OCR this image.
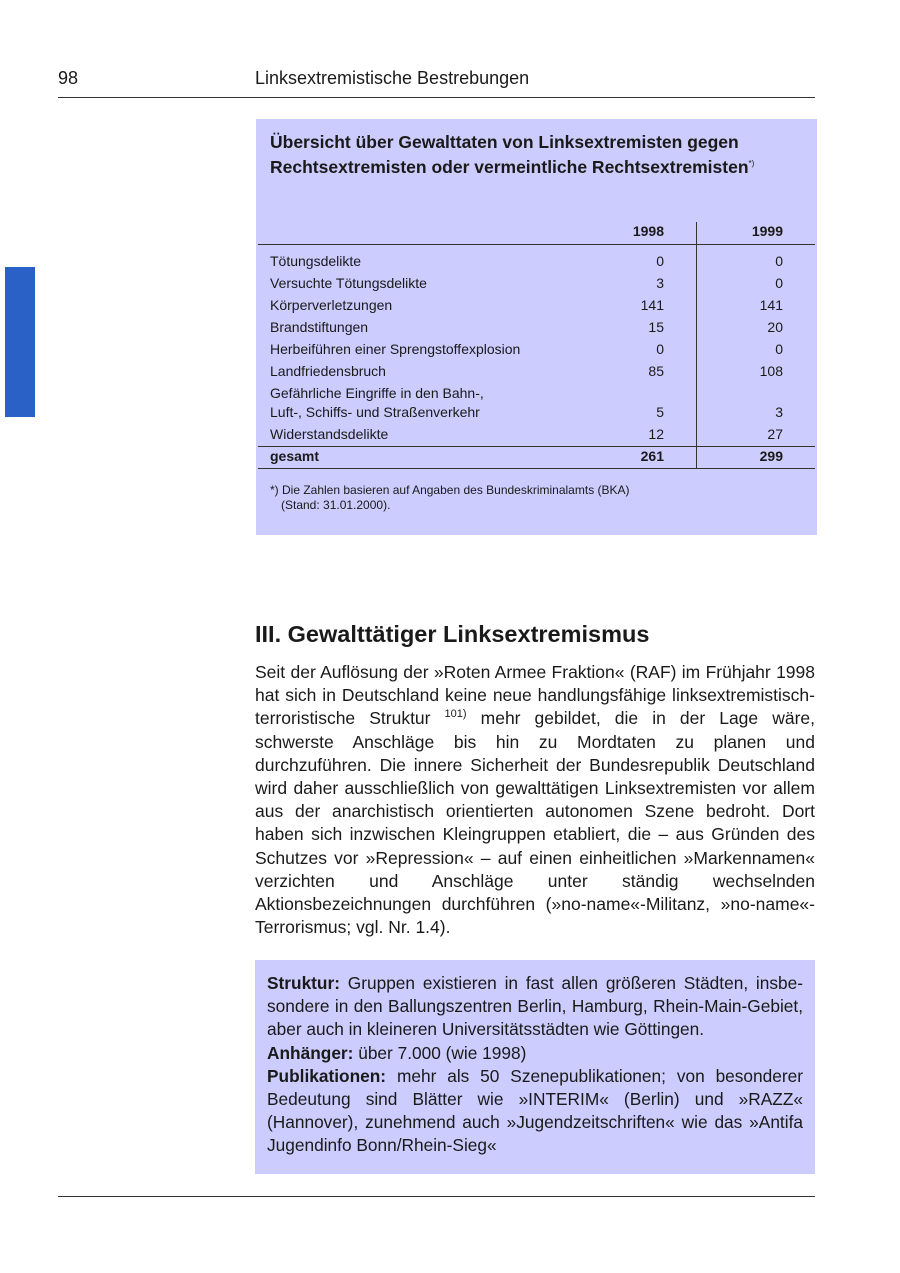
98	Linksextremistische Bestrebungen
Übersicht über Gewalttaten von Linksextremisten gegen
Rechtsextremisten oder vermeintliche Rechtsextremisten*)
1998	1999
Tötungsdelikte	0	0
Versuchte Tötungsdelikte	3	0
Körperverletzungen	141	141
Brandstiftungen	15	20
Herbeiführen einer Sprengstoffexplosion	0	0
Landfriedensbruch	85	108
Gefährliche Eingriffe in den Bahn-,
Luft-, Schiffs- und Straßenverkehr	5	3
Widerstandsdelikte	12	27
gesamt	261	299
*) Die Zahlen basieren auf Angaben des Bundeskriminalamts (BKA)
(Stand: 31.01.2000).
III. Gewalttätiger Linksextremismus
Seit der Auflösung der »Roten Armee Fraktion« (RAF) im Frühjahr 1998 hat sich in Deutschland keine neue handlungsfähige linksextremistisch-terroristische Struktur $^{101)}$ mehr gebildet, die in der Lage wäre, schwerste Anschläge bis hin zu Mordtaten zu planen und durchzuführen. Die innere Sicherheit der Bundesrepublik Deutschland wird daher ausschließlich von gewalttätigen Linksextremisten vor allem aus der anarchistisch orientierten autonomen Szene bedroht. Dort haben sich inzwischen Kleingruppen etabliert, die – aus Gründen des Schutzes vor »Repression« – auf einen einheitlichen »Markennamen« verzichten und Anschläge unter ständig wechselnden Aktionsbezeichnungen durchführen (»no-name«-Militanz, »no-name«-Terrorismus; vgl. Nr. 1.4).
Struktur: Gruppen existieren in fast allen größeren Städten, insbesondere in den Ballungszentren Berlin, Hamburg, Rhein-Main-Gebiet, aber auch in kleineren Universitätsstädten wie Göttingen.
Anhänger: über 7.000 (wie 1998)
Publikationen: mehr als 50 Szenepublikationen; von besonderer Bedeutung sind Blätter wie »INTERIM« (Berlin) und »RAZZ« (Hannover), zunehmend auch »Jugendzeitschriften« wie das »Antifa Jugendinfo Bonn/Rhein-Sieg«
